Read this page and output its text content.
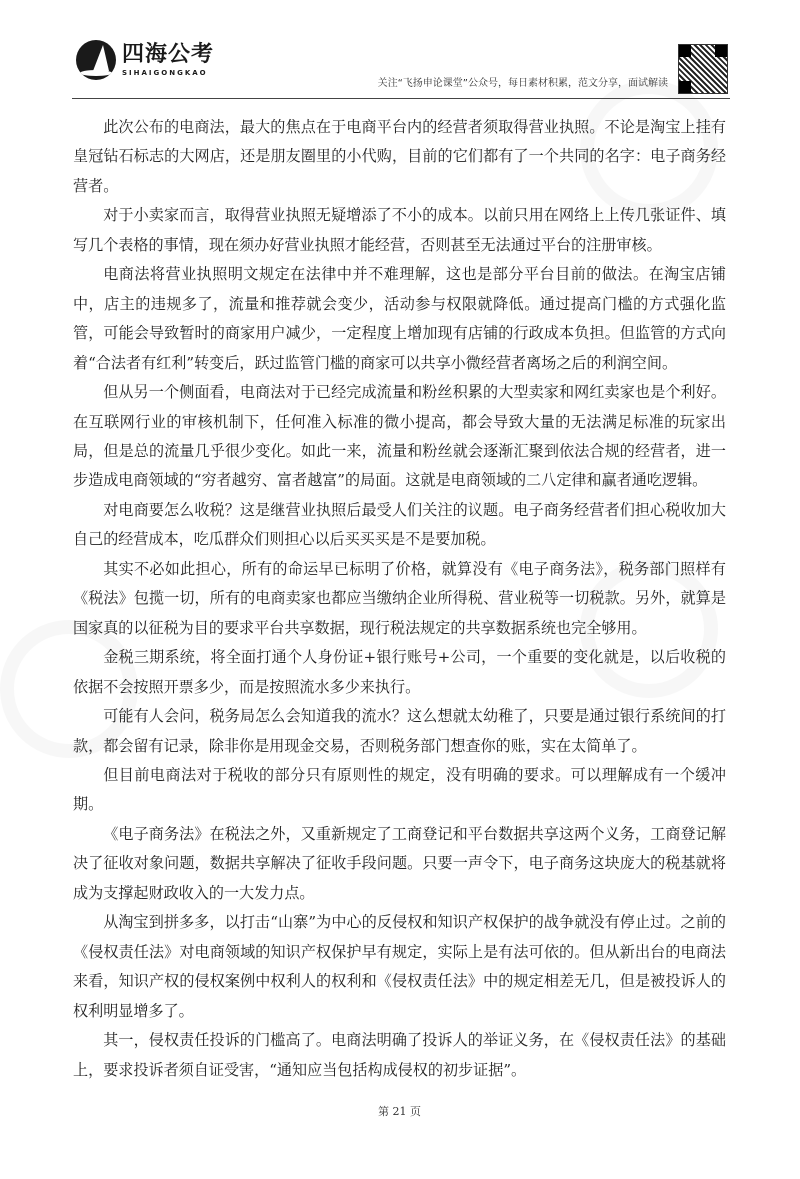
四海公考
SIHAIGONGKAO
关注“飞扬申论课堂”公众号，每日素材积累，范文分享，面试解读

此次公布的电商法，最大的焦点在于电商平台内的经营者须取得营业执照。不论是淘宝上挂有皇冠钻石标志的大网店，还是朋友圈里的小代购，目前的它们都有了一个共同的名字：电子商务经营者。

对于小卖家而言，取得营业执照无疑增添了不小的成本。以前只用在网络上上传几张证件、填写几个表格的事情，现在须办好营业执照才能经营，否则甚至无法通过平台的注册审核。

电商法将营业执照明文规定在法律中并不难理解，这也是部分平台目前的做法。在淘宝店铺中，店主的违规多了，流量和推荐就会变少，活动参与权限就降低。通过提高门槛的方式强化监管，可能会导致暂时的商家用户减少，一定程度上增加现有店铺的行政成本负担。但监管的方式向着“合法者有红利”转变后，跃过监管门槛的商家可以共享小微经营者离场之后的利润空间。

但从另一个侧面看，电商法对于已经完成流量和粉丝积累的大型卖家和网红卖家也是个利好。在互联网行业的审核机制下，任何准入标准的微小提高，都会导致大量的无法满足标准的玩家出局，但是总的流量几乎很少变化。如此一来，流量和粉丝就会逐渐汇聚到依法合规的经营者，进一步造成电商领域的“穷者越穷、富者越富”的局面。这就是电商领域的二八定律和赢者通吃逻辑。

对电商要怎么收税？这是继营业执照后最受人们关注的议题。电子商务经营者们担心税收加大自己的经营成本，吃瓜群众们则担心以后买买买是不是要加税。

其实不必如此担心，所有的命运早已标明了价格，就算没有《电子商务法》，税务部门照样有《税法》包揽一切，所有的电商卖家也都应当缴纳企业所得税、营业税等一切税款。另外，就算是国家真的以征税为目的要求平台共享数据，现行税法规定的共享数据系统也完全够用。

金税三期系统，将全面打通个人身份证+银行账号+公司，一个重要的变化就是，以后收税的依据不会按照开票多少，而是按照流水多少来执行。

可能有人会问，税务局怎么会知道我的流水？这么想就太幼稚了，只要是通过银行系统间的打款，都会留有记录，除非你是用现金交易，否则税务部门想查你的账，实在太简单了。

但目前电商法对于税收的部分只有原则性的规定，没有明确的要求。可以理解成有一个缓冲期。

《电子商务法》在税法之外，又重新规定了工商登记和平台数据共享这两个义务，工商登记解决了征收对象问题，数据共享解决了征收手段问题。只要一声令下，电子商务这块庞大的税基就将成为支撑起财政收入的一大发力点。

从淘宝到拼多多，以打击“山寨”为中心的反侵权和知识产权保护的战争就没有停止过。之前的《侵权责任法》对电商领域的知识产权保护早有规定，实际上是有法可依的。但从新出台的电商法来看，知识产权的侵权案例中权利人的权利和《侵权责任法》中的规定相差无几，但是被投诉人的权利明显增多了。

其一，侵权责任投诉的门槛高了。电商法明确了投诉人的举证义务，在《侵权责任法》的基础上，要求投诉者须自证受害，“通知应当包括构成侵权的初步证据”。

第 21 页
